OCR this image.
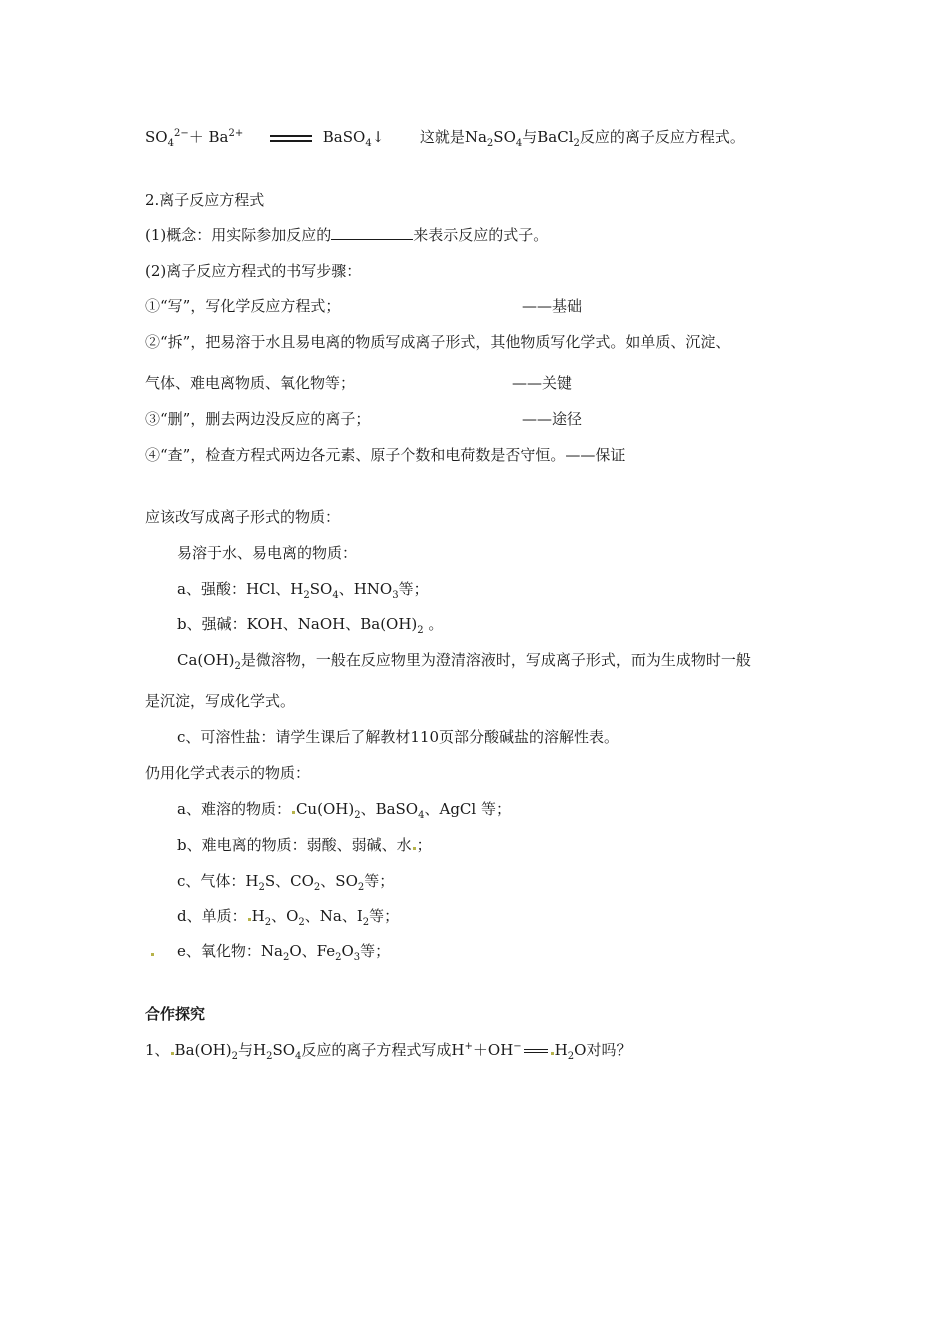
$SO_4^{2-}+ Ba^{2+}$	BaSO$_4$↓ 这就是$Na_2SO_4$与BaCl$_2$反应的离子反应方程式。
2.离子反应方程式
(1)概念：用实际参加反应的	来表示反应的式子。
(2)离子反应方程式的书写步骤：
①“写”，写化学反应方程式；	——基础
②“拆”，把易溶于水且易电离的物质写成离子形式，其他物质写化学式。如单质、沉淀、
气体、难电离物质、氧化物等；	——关键
③“删”，删去两边没反应的离子；	——途径
④“查”，检查方程式两边各元素、原子个数和电荷数是否守恒。——保证
应该改写成离子形式的物质：
易溶于水、易电离的物质：
a、强酸：HCl、$H_2SO_4$、$HNO_3$等；
b、强碱：KOH、NaOH、$Ba(OH)_2$ 。
$Ca(OH)_2$是微溶物，一般在反应物里为澄清溶液时，写成离子形式，而为生成物时一般
是沉淀，写成化学式。
c、可溶性盐：请学生课后了解教材110页部分酸碱盐的溶解性表。
仍用化学式表示的物质：
a、难溶的物质： $Cu(OH)_2$、BaSO$_4$、AgCl 等；
b、难电离的物质：弱酸、弱碱、水 ；
c、气体：$H_2S$、$CO_2$、$SO_2$等；
d、单质： $H_2$、$O_2$、Na、$I_2$等；
e、氧化物：$Na_2O$、$Fe_2O_3$等；
合作探究
1、 $Ba(OH)_2$与$H_2SO_4$反应的离子方程式写成H+＋OH− $H_2O$对吗？
